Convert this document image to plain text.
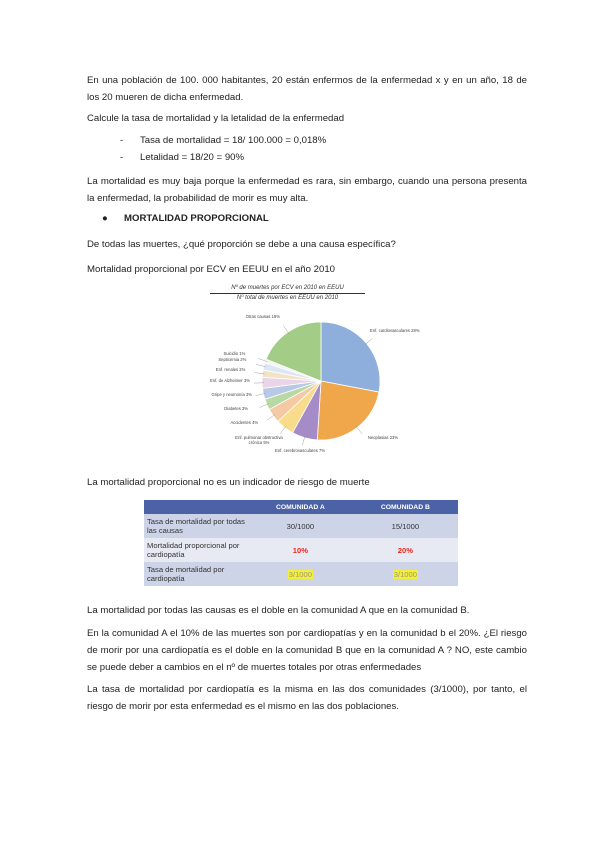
En una población de 100. 000 habitantes, 20 están enfermos de la enfermedad x y en un año, 18 de los 20 mueren de dicha enfermedad.

Calcule la tasa de mortalidad y la letalidad de la enfermedad

- Tasa de mortalidad = 18/ 100.000 = 0,018%
- Letalidad = 18/20 = 90%

La mortalidad es muy baja porque la enfermedad es rara, sin embargo, cuando una persona presenta la enfermedad, la probabilidad de morir es muy alta.

● MORTALIDAD PROPORCIONAL

De todas las muertes, ¿qué proporción se debe a una causa específica?

Mortalidad proporcional por ECV en EEUU en el año 2010

Nº de muertes por ECV en 2010 en EEUU
Nº total de muertes en EEUU en 2010
Enf. cardiovasculares 28%
Neoplasias 23%
Enf. cerebrovasculares 7%
Enf. pulmonar obstructiva crónica 5%
Accidentes 4%
Diabetes 3%
Gripe y neumonía 3%
Enf. de Alzheimer 3%
Enf. renales 2%
Septicemia 2%
Suicidio 1%
Otras causas 19%

La mortalidad proporcional no es un indicador de riesgo de muerte

	COMUNIDAD A	COMUNIDAD B
Tasa de mortalidad por todas las causas	30/1000	15/1000
Mortalidad proporcional por cardiopatía	10%	20%
Tasa de mortalidad por cardiopatía	3/1000	3/1000

La mortalidad por todas las causas es el doble en la comunidad A que en la comunidad B.

En la comunidad A el 10% de las muertes son por cardiopatías y en la comunidad b el 20%. ¿El riesgo de morir por una cardiopatía es el doble en la comunidad B que en la comunidad A ? NO, este cambio se puede deber a cambios en el nº de muertes totales por otras enfermedades

La tasa de mortalidad por cardiopatía es la misma en las dos comunidades (3/1000), por tanto, el riesgo de morir por esta enfermedad es el mismo en las dos poblaciones.
